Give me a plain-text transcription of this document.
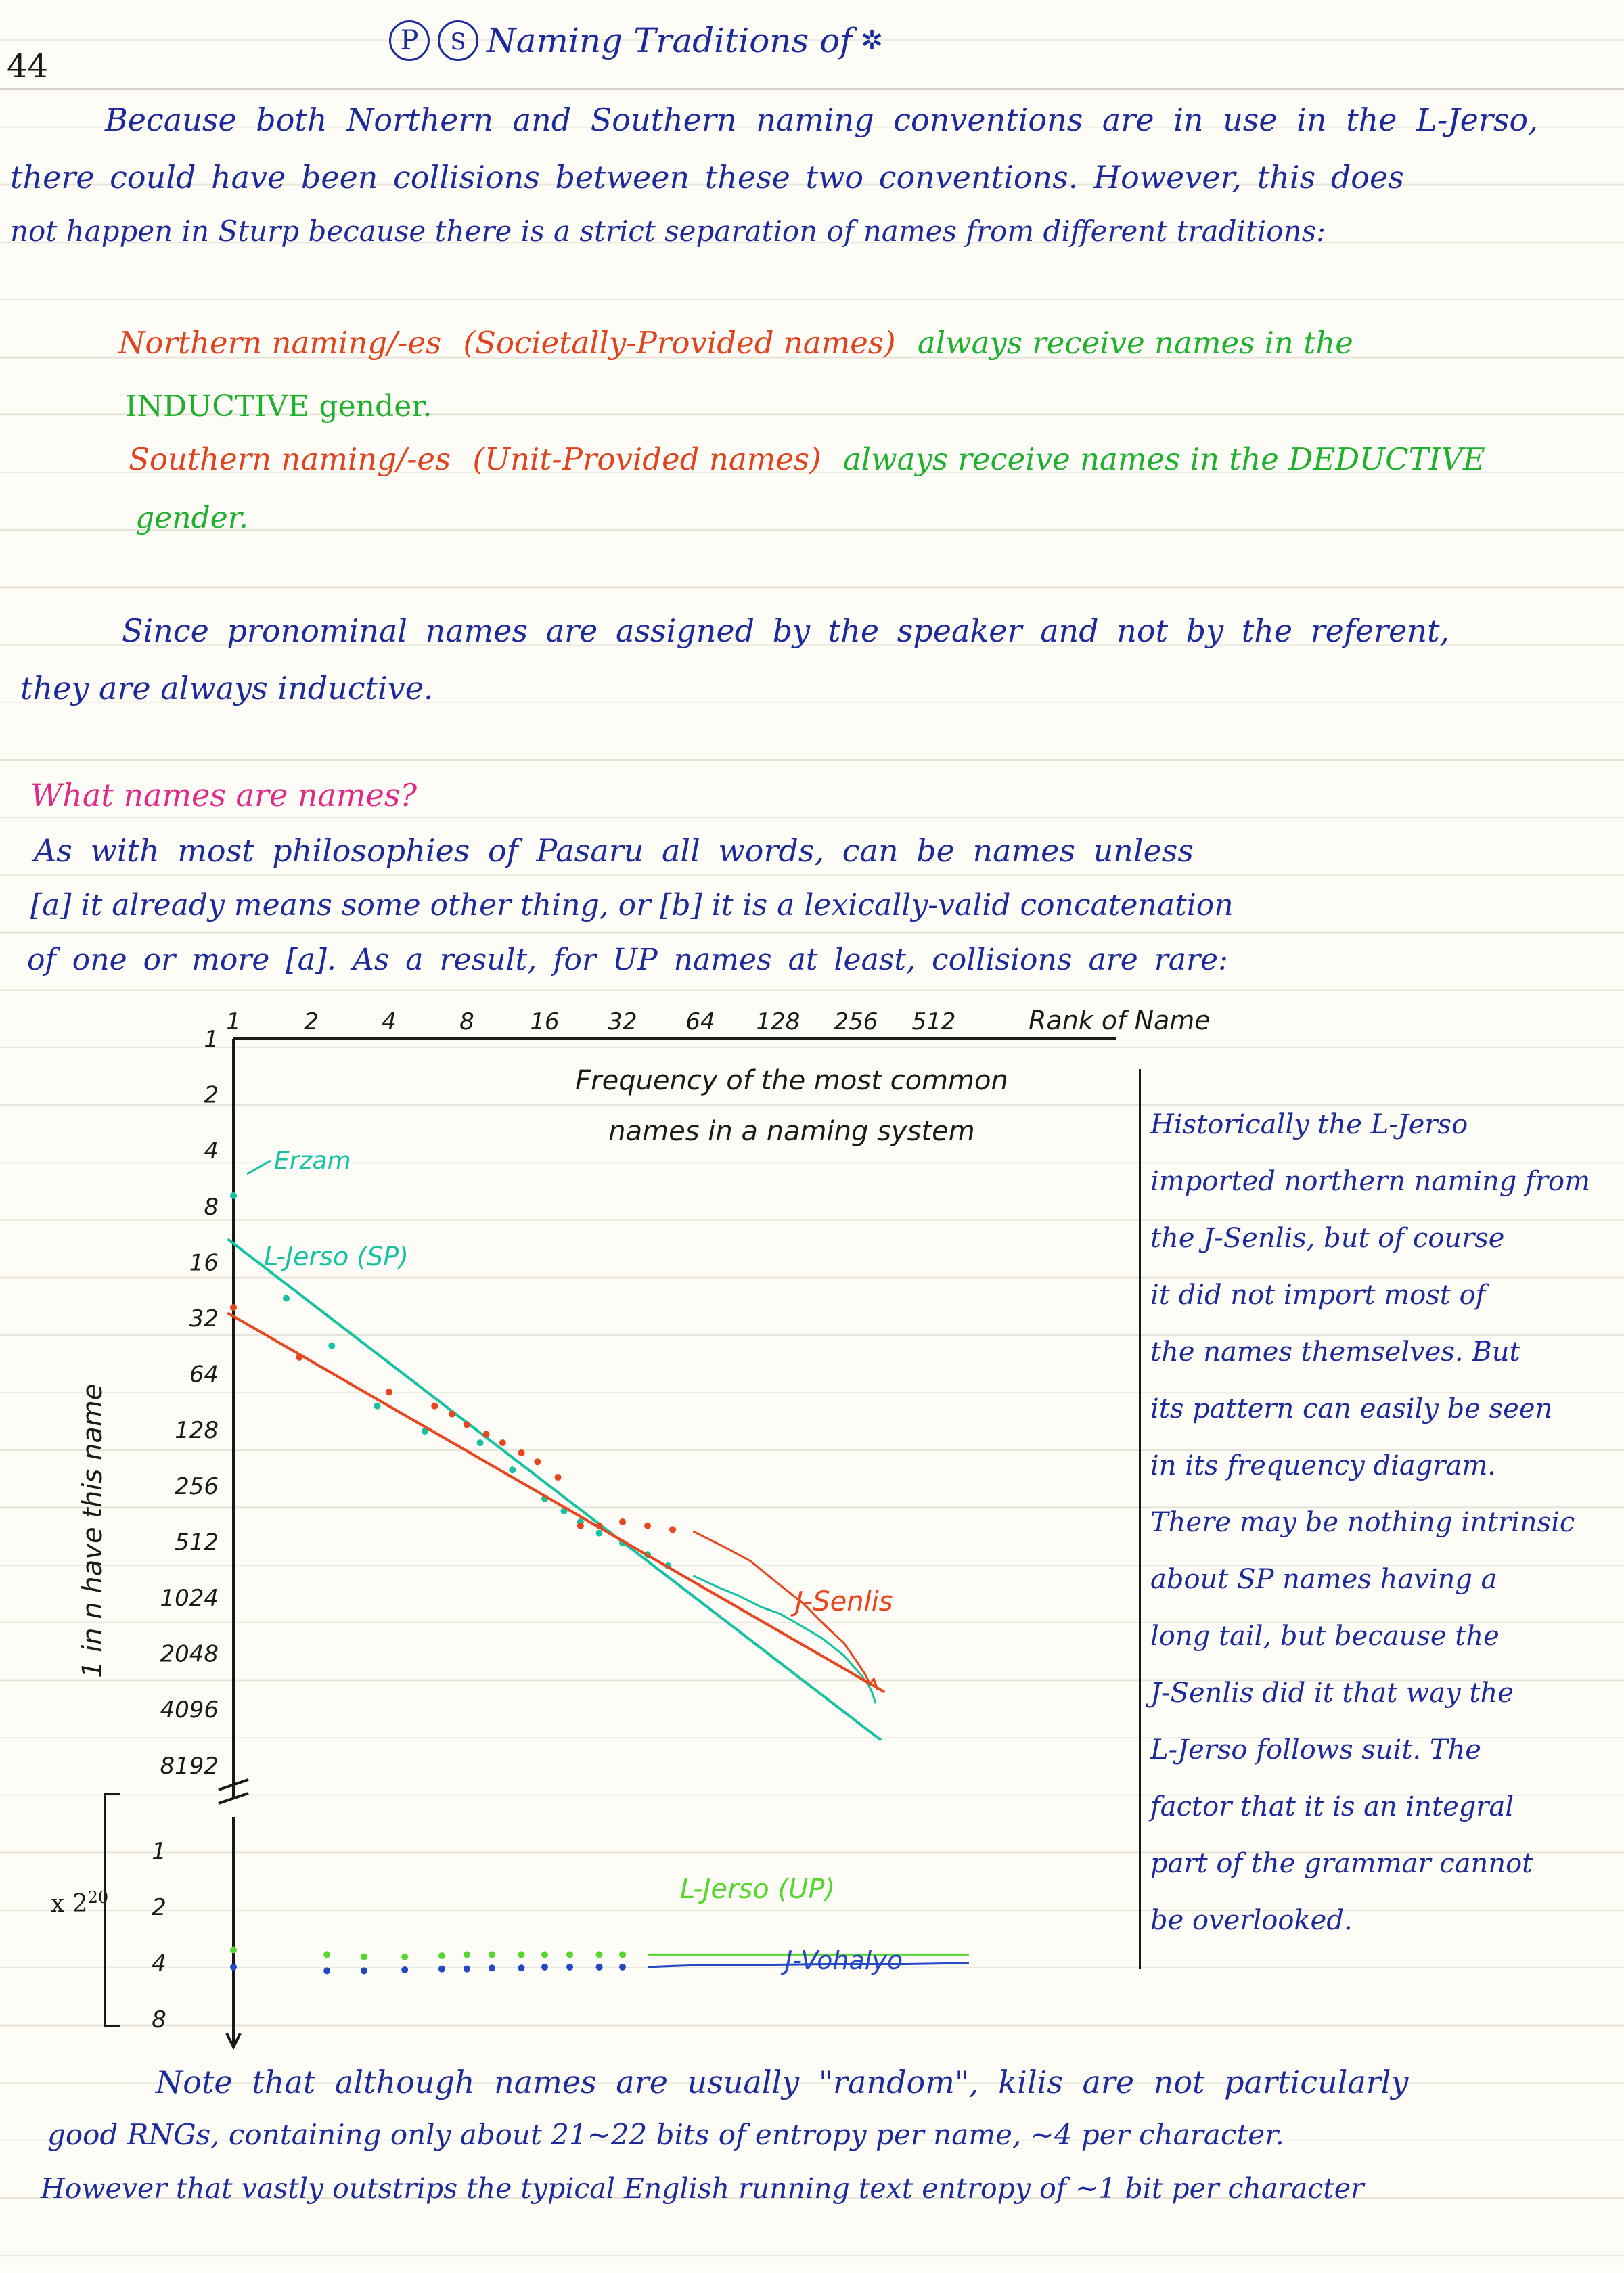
44
P	S Naming Traditions of ✲
Because both Northern and Southern naming conventions are in use in the L-Jerso,
there could have been collisions between these two conventions. However, this does
not happen in Sturp because there is a strict separation of names from different traditions:
Northern naming/-es (Societally-Provided names) always receive names in the
INDUCTIVE gender.
Southern naming/-es (Unit-Provided names) always receive names in the DEDUCTIVE
gender.
Since pronominal names are assigned by the speaker and not by the referent,
they are always inductive.
What names are names?
As with most philosophies of Pasaru all words, can be names unless
[a] it already means some other thing, or [b] it is a lexically-valid concatenation
of one or more [a]. As a result, for UP names at least, collisions are rare:
1	2	4	8 16 32 64 128 256 512	Rank of Name
1
2
4
8
16
32
64
128
256
512
1024
2048
4096
8192
1
2
4
8
1 in n have this name
Frequency of the most common
names in a naming system
Erzam
L-Jerso (SP)
J-Senlis
L-Jerso (UP)
J-Vohalyo
x $2^{20}$
Historically the L-Jerso
imported northern naming from
the J-Senlis, but of course
it did not import most of
the names themselves. But
its pattern can easily be seen
in its frequency diagram.
There may be nothing intrinsic
about SP names having a
long tail, but because the
J-Senlis did it that way the
L-Jerso follows suit. The
factor that it is an integral
part of the grammar cannot
be overlooked.
Note that although names are usually "random", kilis are not particularly
good RNGs, containing only about 21~22 bits of entropy per name, ~4 per character.
However that vastly outstrips the typical English running text entropy of ~1 bit per character
